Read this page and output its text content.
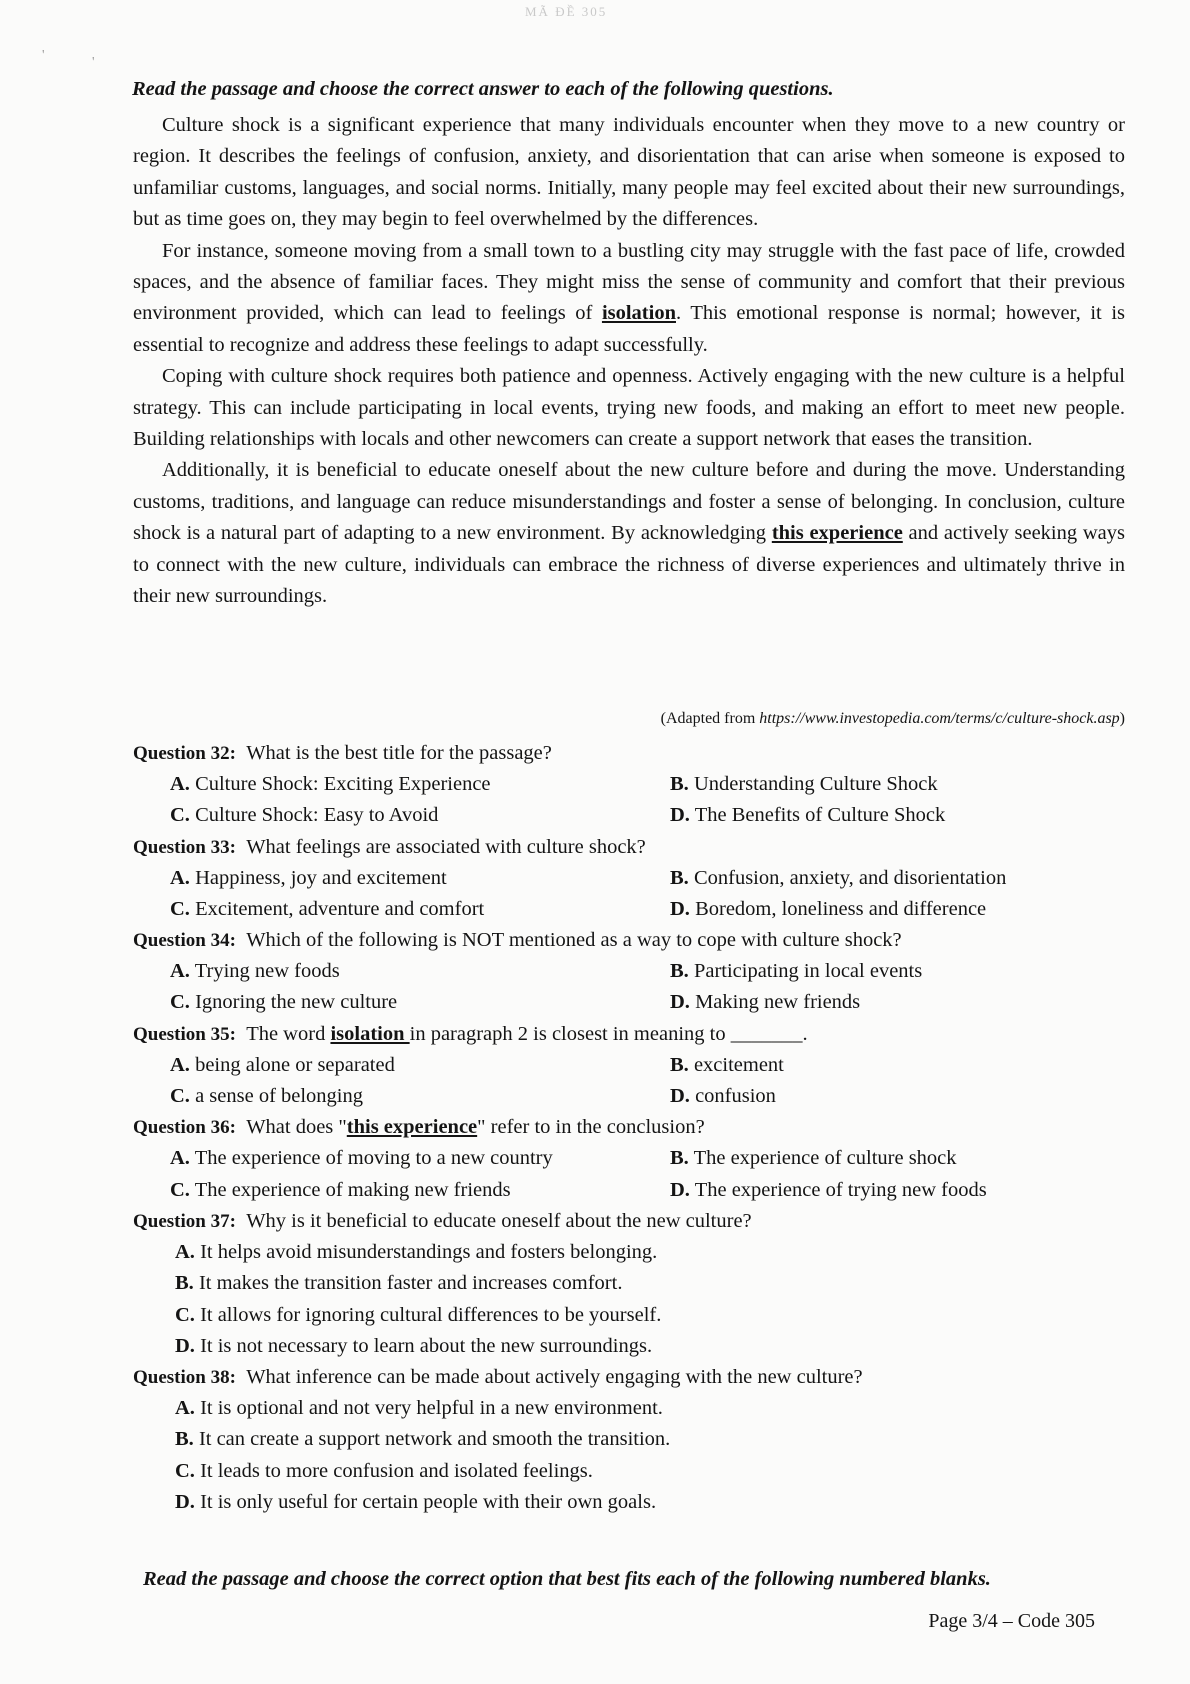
MÃ ĐỀ 305
Read the passage and choose the correct answer to each of the following questions.

Culture shock is a significant experience that many individuals encounter when they move to a new country or region. It describes the feelings of confusion, anxiety, and disorientation that can arise when someone is exposed to unfamiliar customs, languages, and social norms. Initially, many people may feel excited about their new surroundings, but as time goes on, they may begin to feel overwhelmed by the differences.

For instance, someone moving from a small town to a bustling city may struggle with the fast pace of life, crowded spaces, and the absence of familiar faces. They might miss the sense of community and comfort that their previous environment provided, which can lead to feelings of isolation. This emotional response is normal; however, it is essential to recognize and address these feelings to adapt successfully.

Coping with culture shock requires both patience and openness. Actively engaging with the new culture is a helpful strategy. This can include participating in local events, trying new foods, and making an effort to meet new people. Building relationships with locals and other newcomers can create a support network that eases the transition.

Additionally, it is beneficial to educate oneself about the new culture before and during the move. Understanding customs, traditions, and language can reduce misunderstandings and foster a sense of belonging. In conclusion, culture shock is a natural part of adapting to a new environment. By acknowledging this experience and actively seeking ways to connect with the new culture, individuals can embrace the richness of diverse experiences and ultimately thrive in their new surroundings.

(Adapted from https://www.investopedia.com/terms/c/culture-shock.asp)
Question 32: What is the best title for the passage?
A. Culture Shock: Exciting Experience	B. Understanding Culture Shock
C. Culture Shock: Easy to Avoid	D. The Benefits of Culture Shock
Question 33: What feelings are associated with culture shock?
A. Happiness, joy and excitement	B. Confusion, anxiety, and disorientation
C. Excitement, adventure and comfort	D. Boredom, loneliness and difference
Question 34: Which of the following is NOT mentioned as a way to cope with culture shock?
A. Trying new foods	B. Participating in local events
C. Ignoring the new culture	D. Making new friends
Question 35: The word isolation in paragraph 2 is closest in meaning to _______.
A. being alone or separated	B. excitement
C. a sense of belonging	D. confusion
Question 36: What does "this experience" refer to in the conclusion?
A. The experience of moving to a new country	B. The experience of culture shock
C. The experience of making new friends	D. The experience of trying new foods
Question 37: Why is it beneficial to educate oneself about the new culture?
A. It helps avoid misunderstandings and fosters belonging.
B. It makes the transition faster and increases comfort.
C. It allows for ignoring cultural differences to be yourself.
D. It is not necessary to learn about the new surroundings.
Question 38: What inference can be made about actively engaging with the new culture?
A. It is optional and not very helpful in a new environment.
B. It can create a support network and smooth the transition.
C. It leads to more confusion and isolated feelings.
D. It is only useful for certain people with their own goals.
Read the passage and choose the correct option that best fits each of the following numbered blanks.
Page 3/4 – Code 305
'	'
